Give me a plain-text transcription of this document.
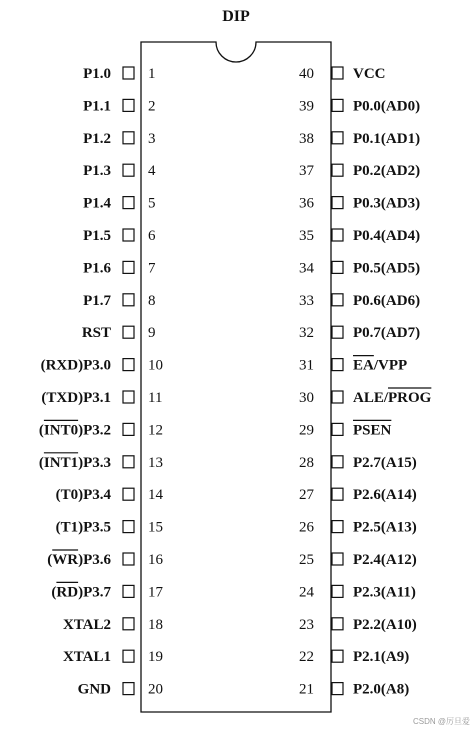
DIP
P1.0 1
P1.1 2
P1.2 3
P1.3 4
P1.4 5
P1.5 6
P1.6 7
P1.7 8
RST 9
(RXD)P3.0 10
(TXD)P3.1 11
(INT0)P3.2 12
(INT1)P3.3 13
(T0)P3.4 14
(T1)P3.5 15
(WR)P3.6 16
(RD)P3.7 17
XTAL2 18
XTAL1 19
GND 20
40	VCC
39	P0.0(AD0)
38	P0.1(AD1)
37	P0.2(AD2)
36	P0.3(AD3)
35	P0.4(AD4)
34	P0.5(AD5)
33	P0.6(AD6)
32	P0.7(AD7)
31	EA/VPP
30	ALE/PROG
29	PSEN
28	P2.7(A15)
27	P2.6(A14)
26	P2.5(A13)
25	P2.4(A12)
24	P2.3(A11)
23	P2.2(A10)
22	P2.1(A9)
21	P2.0(A8)
CSDN @厉旦爱
